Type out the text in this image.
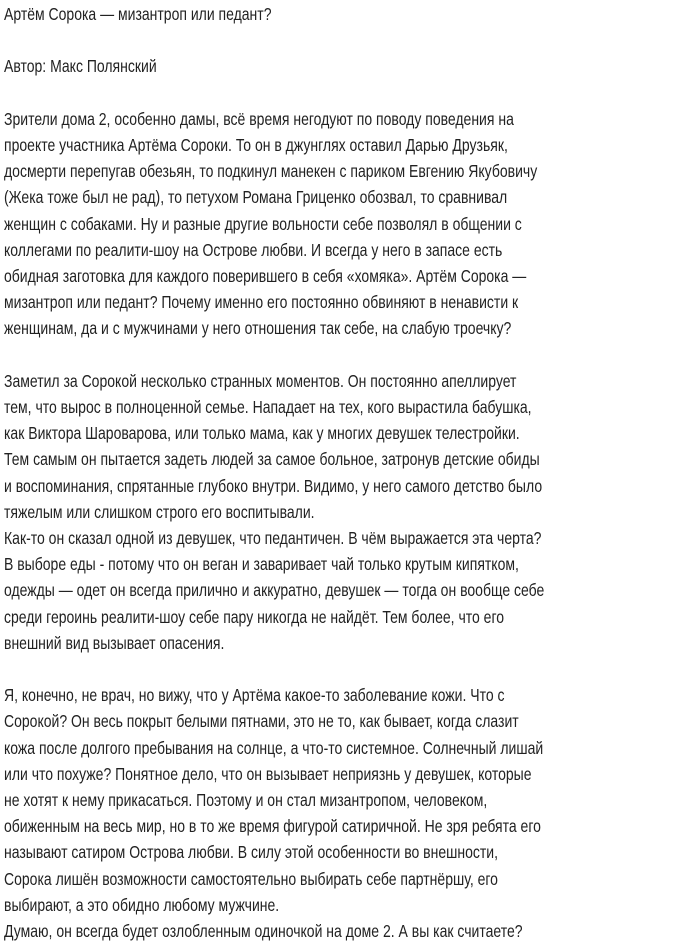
Артём Сорока — мизантроп или педант?
Автор: Макс Полянский
Зрители дома 2, особенно дамы, всё время негодуют по поводу поведения на
проекте участника Артёма Сороки. То он в джунглях оставил Дарью Друзьяк,
досмерти перепугав обезьян, то подкинул манекен с париком Евгению Якубовичу
(Жека тоже был не рад), то петухом Романа Гриценко обозвал, то сравнивал
женщин с собаками. Ну и разные другие вольности себе позволял в общении с
коллегами по реалити-шоу на Острове любви. И всегда у него в запасе есть
обидная заготовка для каждого поверившего в себя «хомяка». Артём Сорока —
мизантроп или педант? Почему именно его постоянно обвиняют в ненависти к
женщинам, да и с мужчинами у него отношения так себе, на слабую троечку?
Заметил за Сорокой несколько странных моментов. Он постоянно апеллирует
тем, что вырос в полноценной семье. Нападает на тех, кого вырастила бабушка,
как Виктора Шароварова, или только мама, как у многих девушек телестройки.
Тем самым он пытается задеть людей за самое больное, затронув детские обиды
и воспоминания, спрятанные глубоко внутри. Видимо, у него самого детство было
тяжелым или слишком строго его воспитывали.
Как-то он сказал одной из девушек, что педантичен. В чём выражается эта черта?
В выборе еды - потому что он веган и заваривает чай только крутым кипятком,
одежды — одет он всегда прилично и аккуратно, девушек — тогда он вообще себе
среди героинь реалити-шоу себе пару никогда не найдёт. Тем более, что его
внешний вид вызывает опасения.
Я, конечно, не врач, но вижу, что у Артёма какое-то заболевание кожи. Что с
Сорокой? Он весь покрыт белыми пятнами, это не то, как бывает, когда слазит
кожа после долгого пребывания на солнце, а что-то системное. Солнечный лишай
или что похуже? Понятное дело, что он вызывает неприязнь у девушек, которые
не хотят к нему прикасаться. Поэтому и он стал мизантропом, человеком,
обиженным на весь мир, но в то же время фигурой сатиричной. Не зря ребята его
называют сатиром Острова любви. В силу этой особенности во внешности,
Сорока лишён возможности самостоятельно выбирать себе партнёршу, его
выбирают, а это обидно любому мужчине.
Думаю, он всегда будет озлобленным одиночкой на доме 2. А вы как считаете?
